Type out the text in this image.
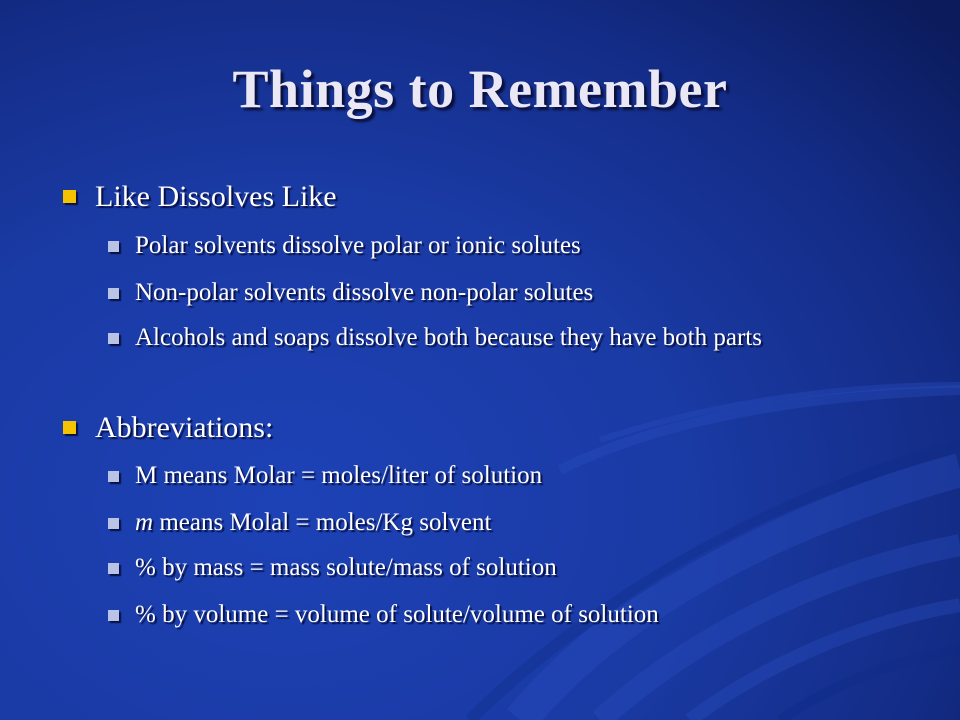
Things to Remember
Like Dissolves Like
Polar solvents dissolve polar or ionic solutes
Non-polar solvents dissolve non-polar solutes
Alcohols and soaps dissolve both because they have both parts
Abbreviations:
M means Molar = moles/liter of solution
m means Molal = moles/Kg solvent
% by mass = mass solute/mass of solution
% by volume = volume of solute/volume of solution
